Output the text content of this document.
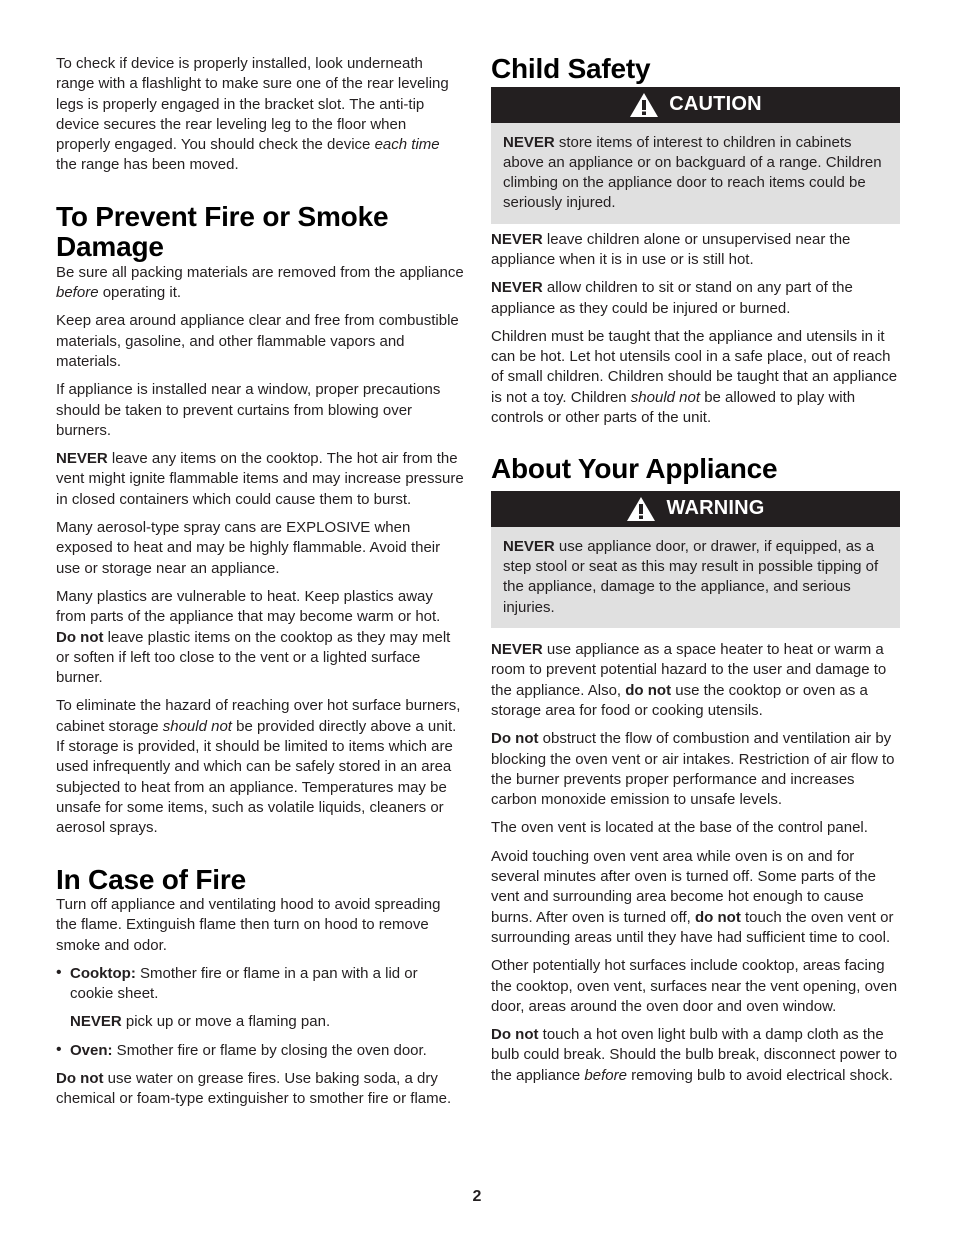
To check if device is properly installed, look underneath range with a flashlight to make sure one of the rear leveling legs is properly engaged in the bracket slot. The anti-tip device secures the rear leveling leg to the floor when properly engaged. You should check the device each time the range has been moved.

To Prevent Fire or Smoke Damage

Be sure all packing materials are removed from the appliance before operating it.

Keep area around appliance clear and free from combustible materials, gasoline, and other flammable vapors and materials.

If appliance is installed near a window, proper precautions should be taken to prevent curtains from blowing over burners.

NEVER leave any items on the cooktop. The hot air from the vent might ignite flammable items and may increase pressure in closed containers which could cause them to burst.

Many aerosol-type spray cans are EXPLOSIVE when exposed to heat and may be highly flammable. Avoid their use or storage near an appliance.

Many plastics are vulnerable to heat. Keep plastics away from parts of the appliance that may become warm or hot. Do not leave plastic items on the cooktop as they may melt or soften if left too close to the vent or a lighted surface burner.

To eliminate the hazard of reaching over hot surface burners, cabinet storage should not be provided directly above a unit. If storage is provided, it should be limited to items which are used infrequently and which can be safely stored in an area subjected to heat from an appliance. Temperatures may be unsafe for some items, such as volatile liquids, cleaners or aerosol sprays.

In Case of Fire

Turn off appliance and ventilating hood to avoid spreading the flame. Extinguish flame then turn on hood to remove smoke and odor.

• Cooktop: Smother fire or flame in a pan with a lid or cookie sheet.

NEVER pick up or move a flaming pan.

• Oven: Smother fire or flame by closing the oven door.

Do not use water on grease fires. Use baking soda, a dry chemical or foam-type extinguisher to smother fire or flame.

Child Safety
CAUTION

NEVER store items of interest to children in cabinets above an appliance or on backguard of a range. Children climbing on the appliance door to reach items could be seriously injured.

NEVER leave children alone or unsupervised near the appliance when it is in use or is still hot.

NEVER allow children to sit or stand on any part of the appliance as they could be injured or burned.

Children must be taught that the appliance and utensils in it can be hot. Let hot utensils cool in a safe place, out of reach of small children. Children should be taught that an appliance is not a toy. Children should not be allowed to play with controls or other parts of the unit.

About Your Appliance
WARNING

NEVER use appliance door, or drawer, if equipped, as a step stool or seat as this may result in possible tipping of the appliance, damage to the appliance, and serious injuries.

NEVER use appliance as a space heater to heat or warm a room to prevent potential hazard to the user and damage to the appliance. Also, do not use the cooktop or oven as a storage area for food or cooking utensils.

Do not obstruct the flow of combustion and ventilation air by blocking the oven vent or air intakes. Restriction of air flow to the burner prevents proper performance and increases carbon monoxide emission to unsafe levels.

The oven vent is located at the base of the control panel.

Avoid touching oven vent area while oven is on and for several minutes after oven is turned off. Some parts of the vent and surrounding area become hot enough to cause burns. After oven is turned off, do not touch the oven vent or surrounding areas until they have had sufficient time to cool.

Other potentially hot surfaces include cooktop, areas facing the cooktop, oven vent, surfaces near the vent opening, oven door, areas around the oven door and oven window.

Do not touch a hot oven light bulb with a damp cloth as the bulb could break. Should the bulb break, disconnect power to the appliance before removing bulb to avoid electrical shock.

2
